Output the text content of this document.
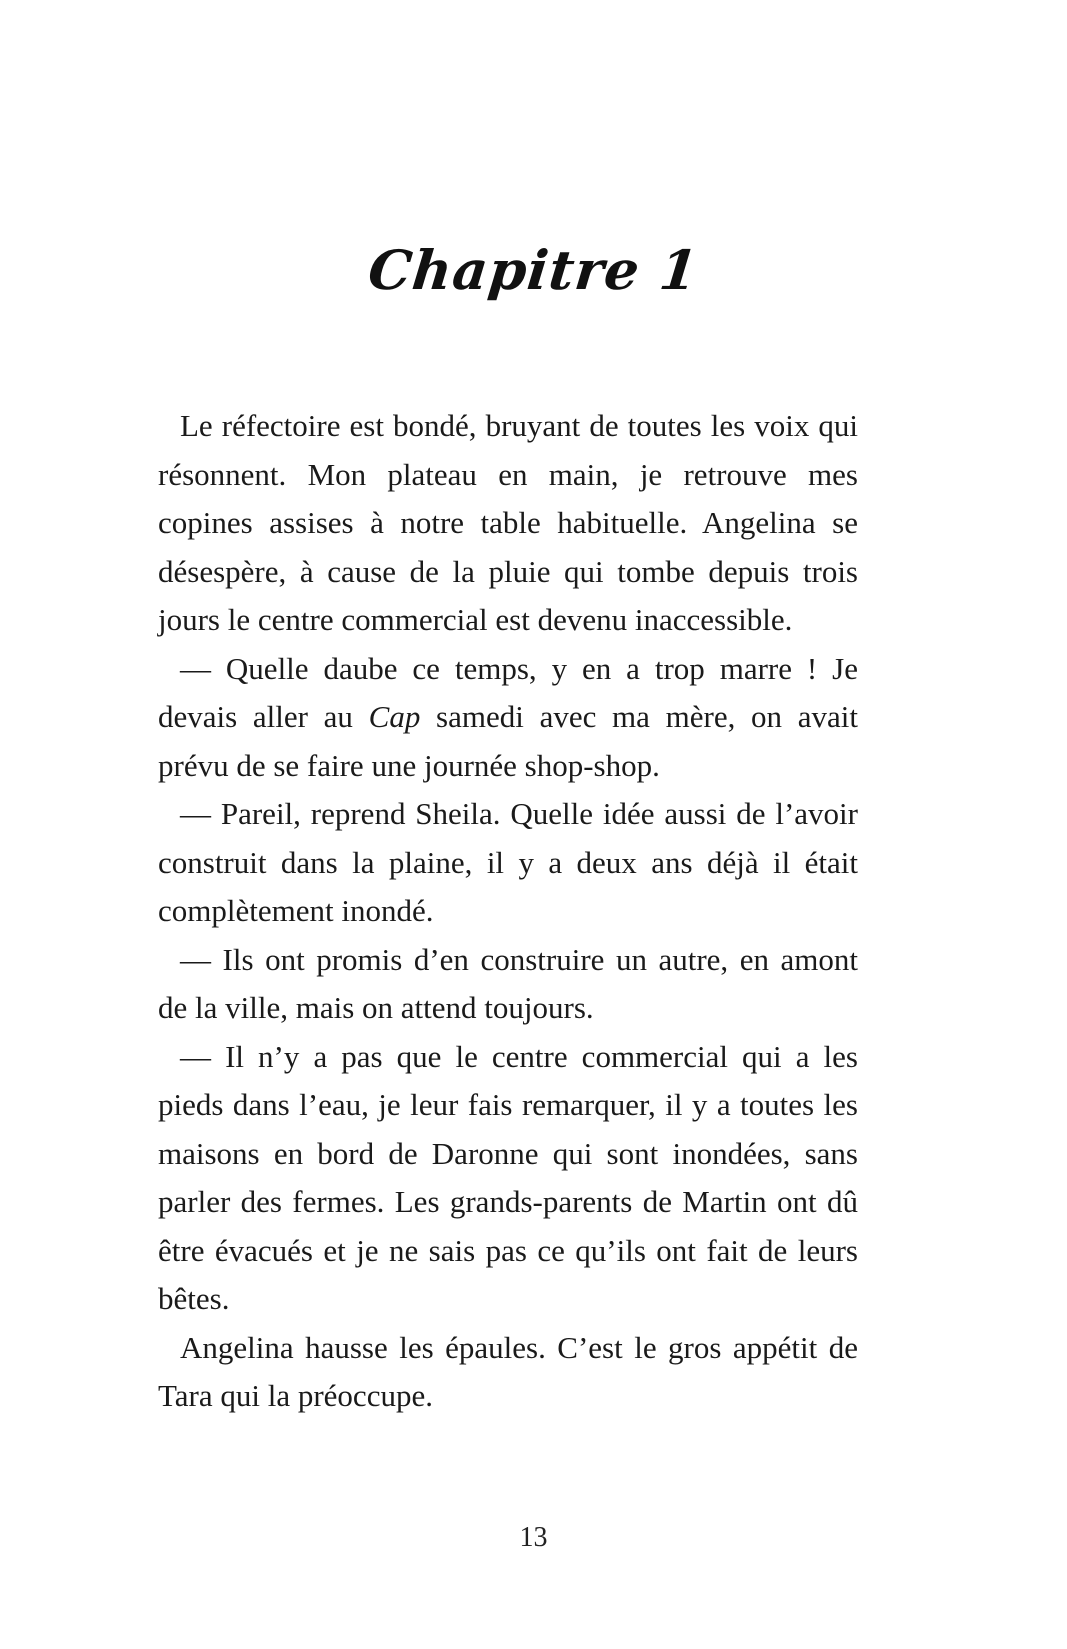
Chapitre 1

Le réfectoire est bondé, bruyant de toutes les voix qui résonnent. Mon plateau en main, je retrouve mes copines assises à notre table habituelle. Angelina se désespère, à cause de la pluie qui tombe depuis trois jours le centre commercial est devenu inaccessible.

— Quelle daube ce temps, y en a trop marre ! Je devais aller au Cap samedi avec ma mère, on avait prévu de se faire une journée shop-shop.

— Pareil, reprend Sheila. Quelle idée aussi de l’avoir construit dans la plaine, il y a deux ans déjà il était complètement inondé.

— Ils ont promis d’en construire un autre, en amont de la ville, mais on attend toujours.

— Il n’y a pas que le centre commercial qui a les pieds dans l’eau, je leur fais remarquer, il y a toutes les maisons en bord de Daronne qui sont inondées, sans parler des fermes. Les grands-parents de Martin ont dû être évacués et je ne sais pas ce qu’ils ont fait de leurs bêtes.

Angelina hausse les épaules. C’est le gros appétit de Tara qui la préoccupe.

13
